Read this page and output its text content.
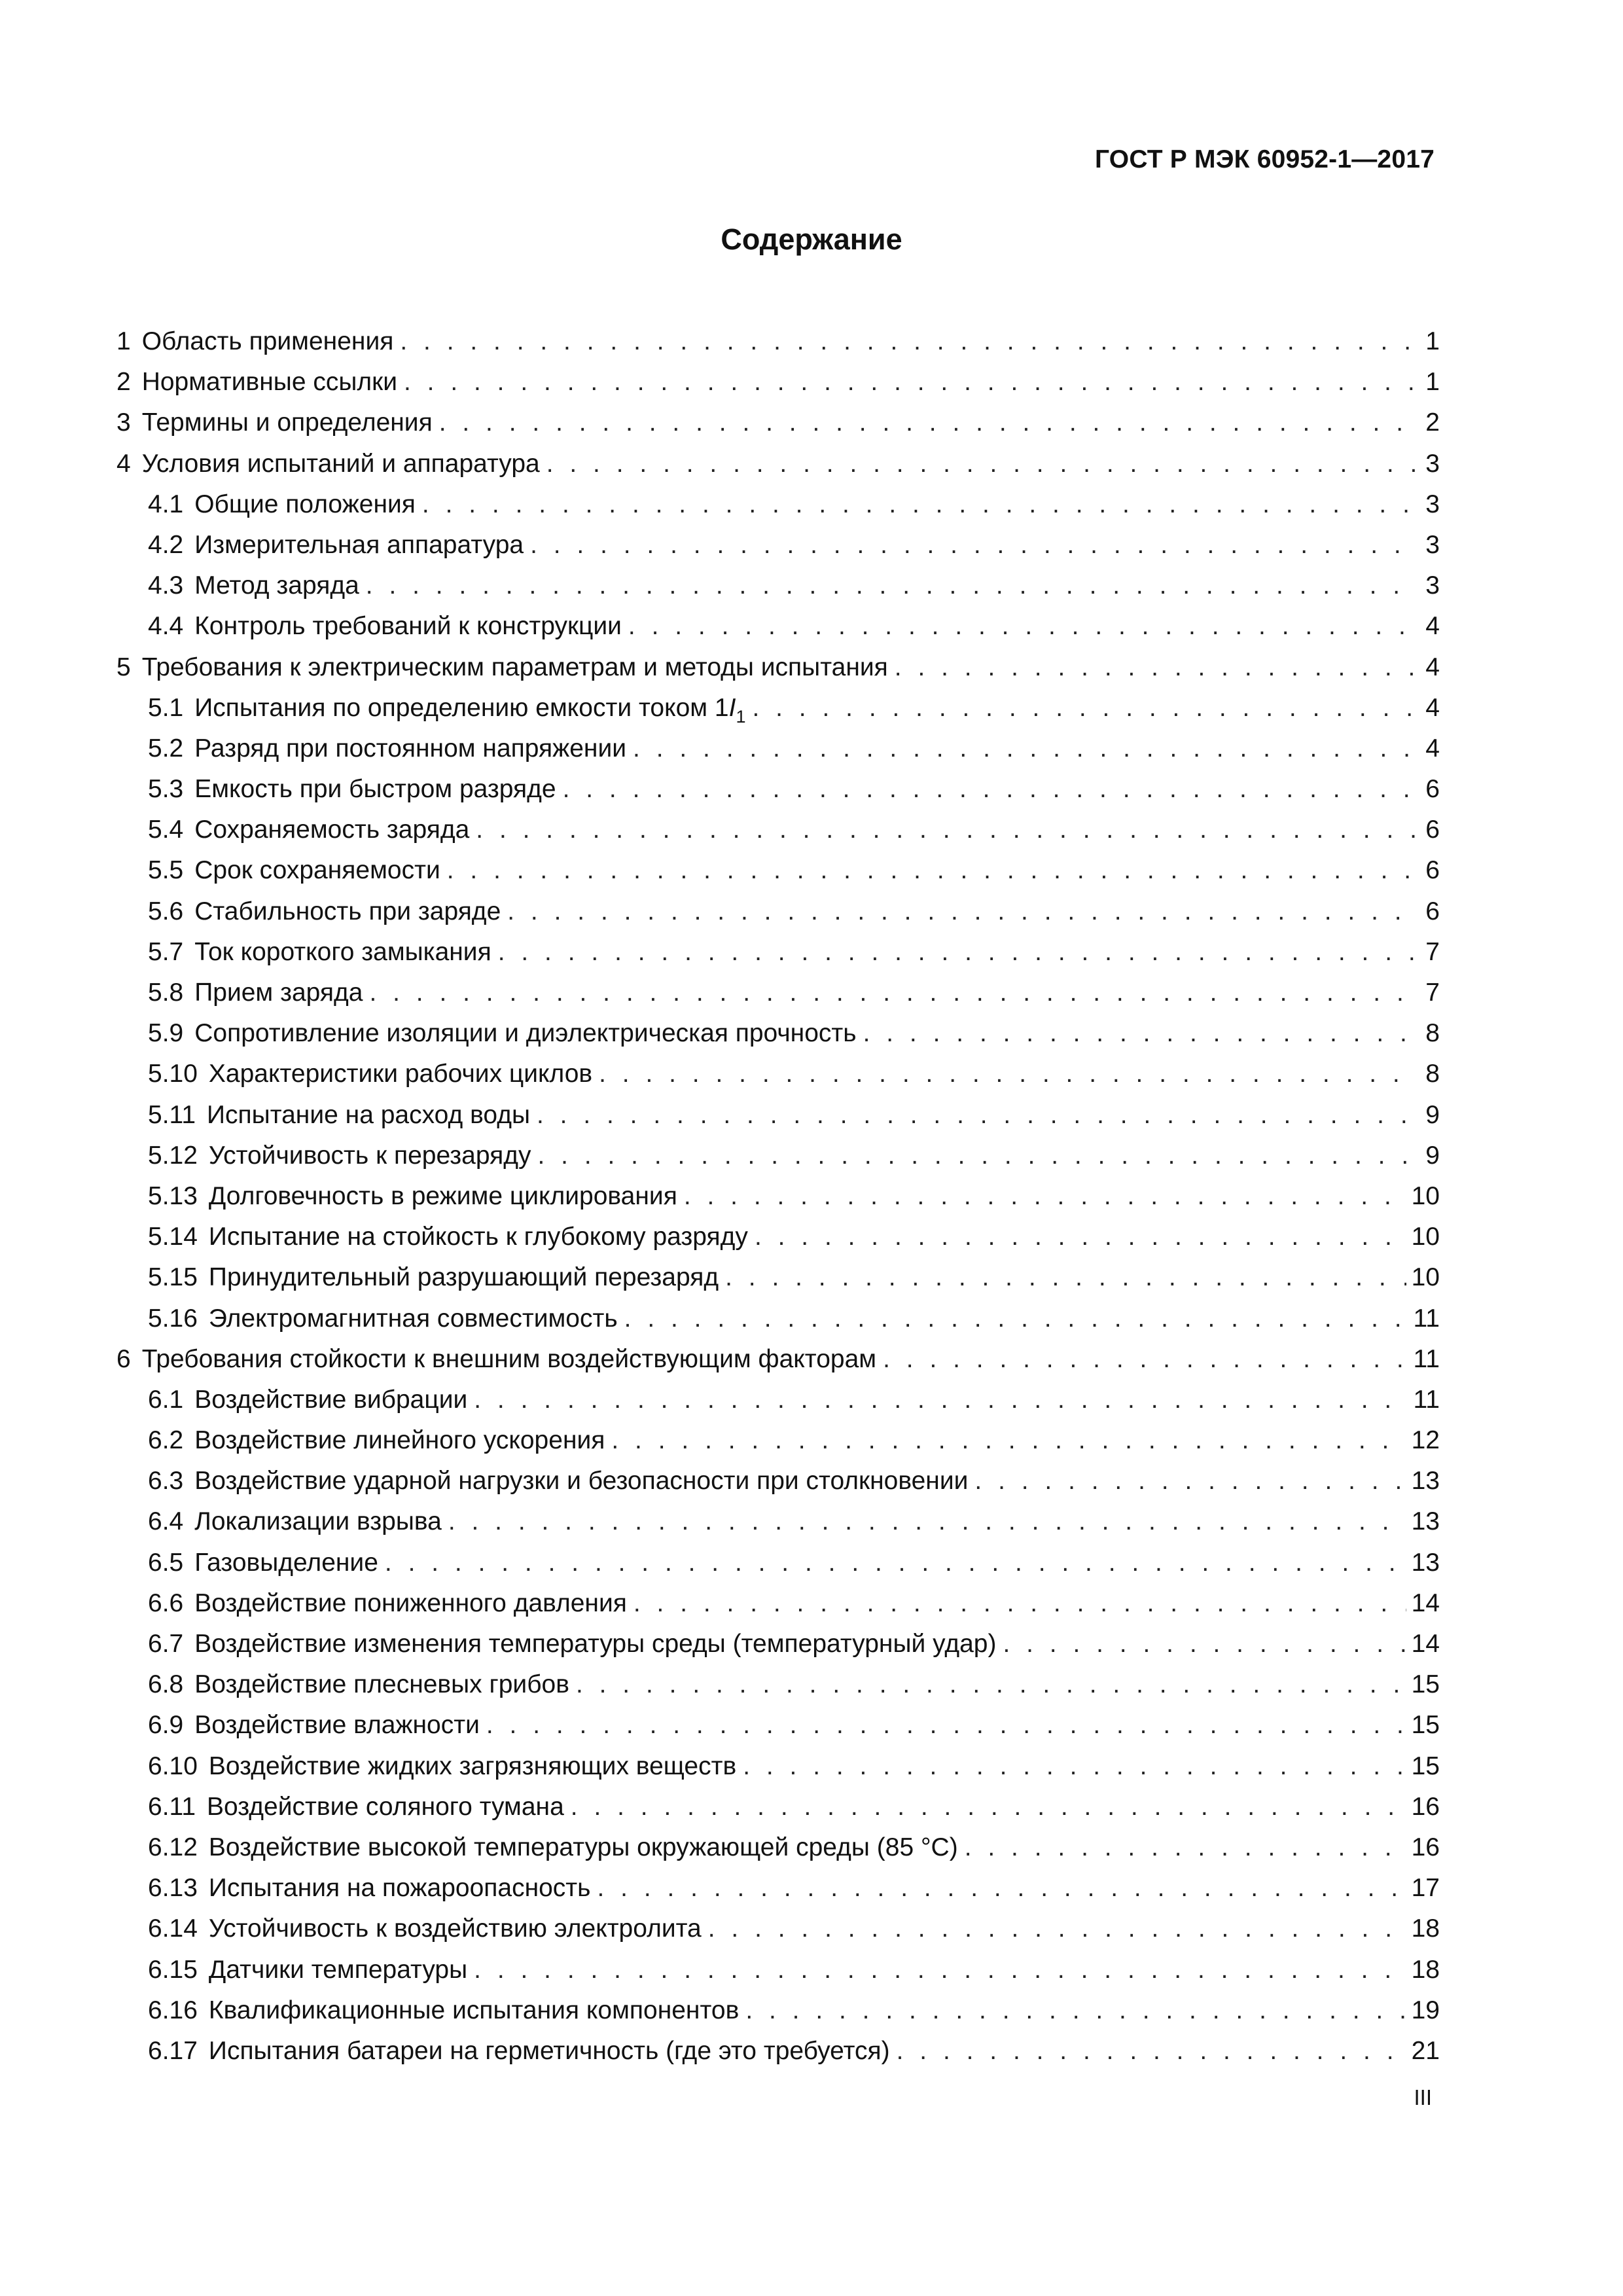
ГОСТ Р МЭК 60952-1—2017
Содержание
1 Область применения . . .	1
2 Нормативные ссылки . . .	1
3 Термины и определения . . .	2
4 Условия испытаний и аппаратура . . .	3
4.1 Общие положения . . .	3
4.2 Измерительная аппаратура . . .	3
4.3 Метод заряда . . .	3
4.4 Контроль требований к конструкции . . .	4
5 Требования к электрическим параметрам и методы испытания . . .	4
5.1 Испытания по определению емкости током $1I_1$ . . .	4
5.2 Разряд при постоянном напряжении . . .	4
5.3 Емкость при быстром разряде . . .	6
5.4 Сохраняемость заряда . . .	6
5.5 Срок сохраняемости . . .	6
5.6 Стабильность при заряде . . .	6
5.7 Ток короткого замыкания . . .	7
5.8 Прием заряда . . .	7
5.9 Сопротивление изоляции и диэлектрическая прочность . . .	8
5.10 Характеристики рабочих циклов . . .	8
5.11 Испытание на расход воды . . .	9
5.12 Устойчивость к перезаряду . . .	9
5.13 Долговечность в режиме циклирования . . .	10
5.14 Испытание на стойкость к глубокому разряду . . .	10
5.15 Принудительный разрушающий перезаряд . . .	10
5.16 Электромагнитная совместимость . . .	11
6 Требования стойкости к внешним воздействующим факторам . . .	11
6.1 Воздействие вибрации . . .	11
6.2 Воздействие линейного ускорения . . .	12
6.3 Воздействие ударной нагрузки и безопасности при столкновении . . .	13
6.4 Локализации взрыва . . .	13
6.5 Газовыделение . . .	13
6.6 Воздействие пониженного давления . . .	14
6.7 Воздействие изменения температуры среды (температурный удар) . . .	14
6.8 Воздействие плесневых грибов . . .	15
6.9 Воздействие влажности . . .	15
6.10 Воздействие жидких загрязняющих веществ . . .	15
6.11 Воздействие соляного тумана . . .	16
6.12 Воздействие высокой температуры окружающей среды (85 °С) . . .	16
6.13 Испытания на пожароопасность . . .	17
6.14 Устойчивость к воздействию электролита . . .	18
6.15 Датчики температуры . . .	18
6.16 Квалификационные испытания компонентов . . .	19
6.17 Испытания батареи на герметичность (где это требуется) . . .	21
III
